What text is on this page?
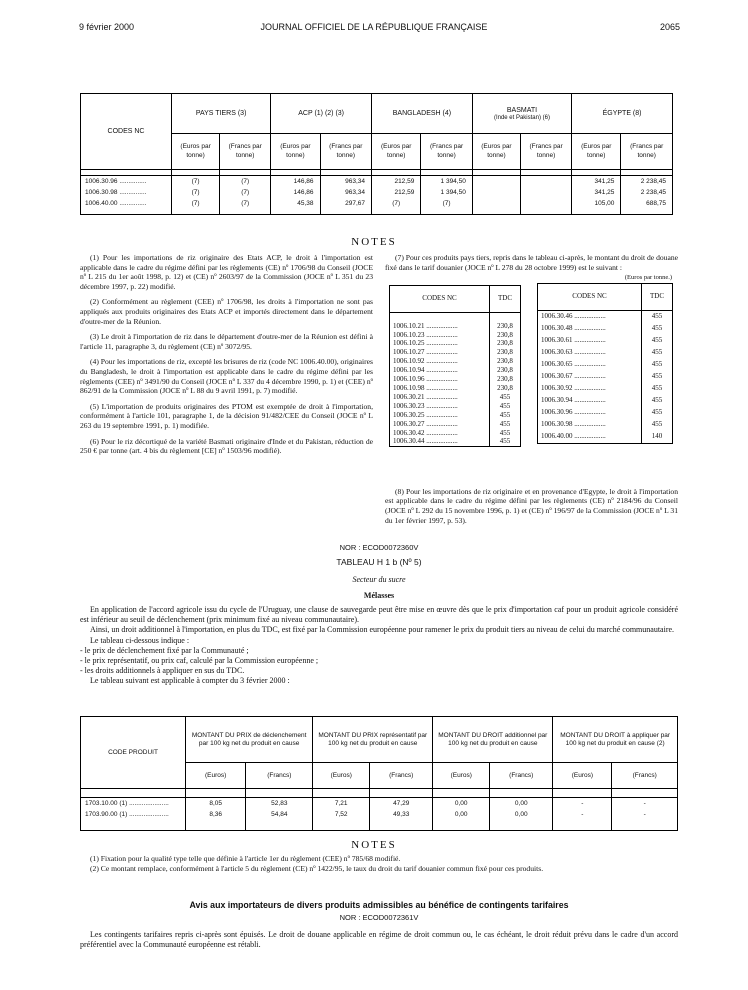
9 février 2000	JOURNAL OFFICIEL DE LA RÉPUBLIQUE FRANÇAISE	2065
CODES NC	PAYS TIERS (3)		ACP (1) (2) (3)		BANGLADESH (4)		BASMATI
(Inde et Pakistan) (6)		ÉGYPTE (8)	
	(Euros par tonne)	(Francs par tonne)	(Euros par tonne)	(Francs par tonne)	(Euros par tonne)	(Francs par tonne)	(Euros par tonne)	(Francs par tonne)	(Euros par tonne)	(Francs par tonne)

1006.30.96 ...............	(7)	(7)	146,86	963,34	212,59	1 394,50			341,25	2 238,45
1006.30.98 ...............	(7)	(7)	146,86	963,34	212,59	1 394,50			341,25	2 238,45
1006.40.00 ...............	(7)	(7)	45,38	297,67	(7)	(7)			105,00	688,75

NOTES

(1) Pour les importations de riz originaire des Etats ACP, le droit à l'importation est applicable dans le cadre du régime défini par les règlements (CE) nº 1706/98 du Conseil (JOCE nº L 215 du 1er août 1998, p. 12) et (CE) nº 2603/97 de la Commission (JOCE nº L 351 du 23 décembre 1997, p. 22) modifié.

(2) Conformément au règlement (CEE) nº 1706/98, les droits à l'importation ne sont pas appliqués aux produits originaires des Etats ACP et importés directement dans le département d'outre-mer de la Réunion.

(3) Le droit à l'importation de riz dans le département d'outre-mer de la Réunion est défini à l'article 11, paragraphe 3, du règlement (CE) nº 3072/95.

(4) Pour les importations de riz, excepté les brisures de riz (code NC 1006.40.00), originaires du Bangladesh, le droit à l'importation est applicable dans le cadre du régime défini par les règlements (CEE) nº 3491/90 du Conseil (JOCE nº L 337 du 4 décembre 1990, p. 1) et (CEE) nº 862/91 de la Commission (JOCE nº L 88 du 9 avril 1991, p. 7) modifié.

(5) L'importation de produits originaires des PTOM est exemptée de droit à l'importation, conformément à l'article 101, paragraphe 1, de la décision 91/482/CEE du Conseil (JOCE nº L 263 du 19 septembre 1991, p. 1) modifiée.

(6) Pour le riz décortiqué de la variété Basmati originaire d'Inde et du Pakistan, réduction de 250 € par tonne (art. 4 bis du règlement [CE] nº 1503/96 modifié).

(7) Pour ces produits pays tiers, repris dans le tableau ci-après, le montant du droit de douane fixé dans le tarif douanier (JOCE nº L 278 du 28 octobre 1999) est le suivant :

(Euros par tonne.)
CODES NC	TDC

1006.10.21 ..................	230,8
1006.10.23 ..................	230,8
1006.10.25 ..................	230,8
1006.10.27 ..................	230,8
1006.10.92 ..................	230,8
1006.10.94 ..................	230,8
1006.10.96 ..................	230,8
1006.10.98 ..................	230,8
1006.30.21 ..................	455
1006.30.23 ..................	455
1006.30.25 ..................	455
1006.30.27 ..................	455
1006.30.42 ..................	455
1006.30.44 ..................	455
CODES NC	TDC
1006.30.46 ..................	455
1006.30.48 ..................	455
1006.30.61 ..................	455
1006.30.63 ..................	455
1006.30.65 ..................	455
1006.30.67 ..................	455
1006.30.92 ..................	455
1006.30.94 ..................	455
1006.30.96 ..................	455
1006.30.98 ..................	455
1006.40.00 ..................	140

(8) Pour les importations de riz originaire et en provenance d'Egypte, le droit à l'importation est applicable dans le cadre du régime défini par les règlements (CE) nº 2184/96 du Conseil (JOCE nº L 292 du 15 novembre 1996, p. 1) et (CE) nº 196/97 de la Commission (JOCE nº L 31 du 1er février 1997, p. 53).

NOR : ECOD0072360V
TABLEAU H 1 b (Nº 5)
Secteur du sucre
Mélasses
En application de l'accord agricole issu du cycle de l'Uruguay, une clause de sauvegarde peut être mise en œuvre dès que le prix d'importation caf pour un produit agricole considéré est inférieur au seuil de déclenchement (prix minimum fixé au niveau communautaire).
Ainsi, un droit additionnel à l'importation, en plus du TDC, est fixé par la Commission européenne pour ramener le prix du produit tiers au niveau de celui du marché communautaire.
Le tableau ci-dessous indique :
- le prix de déclenchement fixé par la Communauté ;
- le prix représentatif, ou prix caf, calculé par la Commission européenne ;
- les droits additionnels à appliquer en sus du TDC.
Le tableau suivant est applicable à compter du 3 février 2000 :
CODE PRODUIT	MONTANT DU PRIX de déclenchement par 100 kg net du produit en cause		MONTANT DU PRIX représentatif par 100 kg net du produit en cause		MONTANT DU DROIT additionnel par 100 kg net du produit en cause		MONTANT DU DROIT à appliquer par 100 kg net du produit en cause (2)	
	(Euros)	(Francs)	(Euros)	(Francs)	(Euros)	(Francs)	(Euros)	(Francs)

1703.10.00 (1) ......................	8,05	52,83	7,21	47,29	0,00	0,00	-	-
1703.90.00 (1) ......................	8,36	54,84	7,52	49,33	0,00	0,00	-	-

NOTES
(1) Fixation pour la qualité type telle que définie à l'article 1er du règlement (CEE) nº 785/68 modifié.
(2) Ce montant remplace, conformément à l'article 5 du règlement (CE) nº 1422/95, le taux du droit du tarif douanier commun fixé pour ces produits.
Avis aux importateurs de divers produits admissibles au bénéfice de contingents tarifaires
NOR : ECOD0072361V
Les contingents tarifaires repris ci-après sont épuisés. Le droit de douane applicable en régime de droit commun ou, le cas échéant, le droit réduit prévu dans le cadre d'un accord préférentiel avec la Communauté européenne est rétabli.
